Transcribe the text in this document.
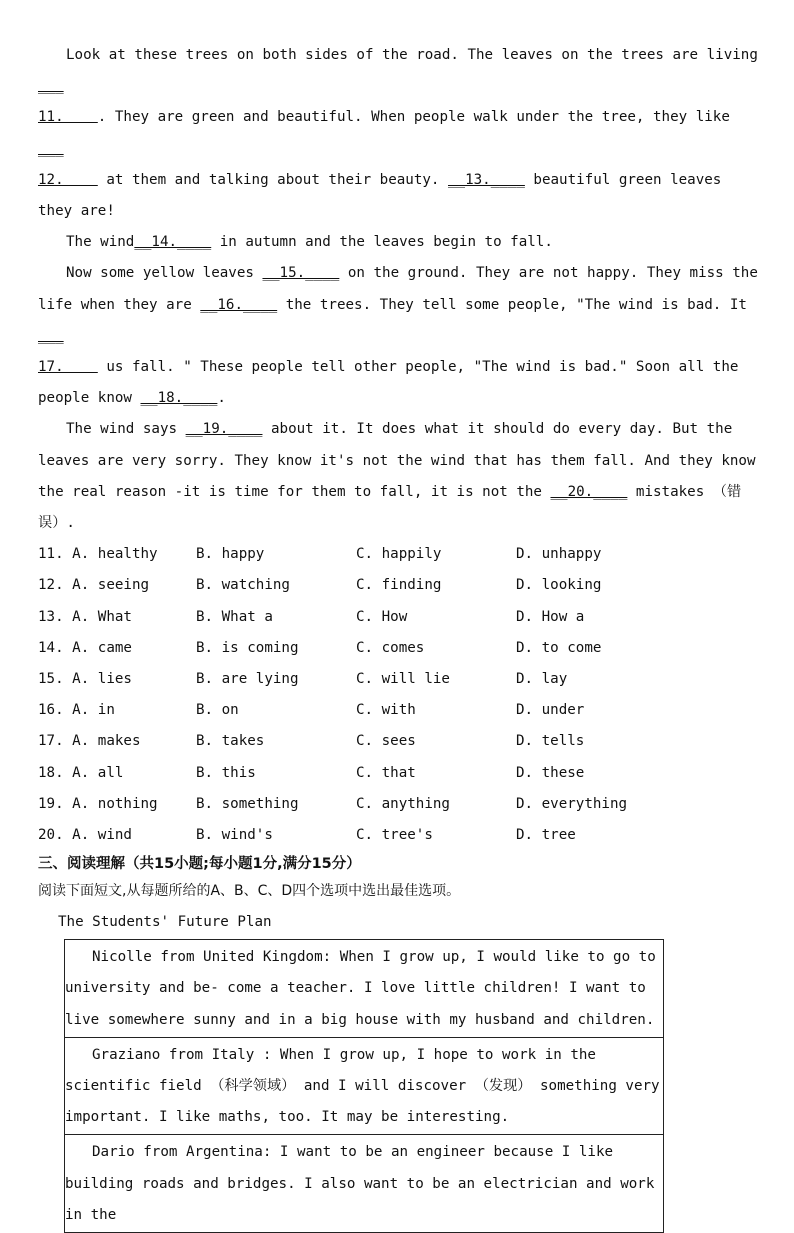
Look at these trees on both sides of the road. The leaves on the trees are living ___
11.    . They are green and beautiful. When people walk under the tree, they like ___
12.     at them and talking about their beauty. __13.____ beautiful green leaves they are!

The wind__14.____ in autumn and the leaves begin to fall.

Now some yellow leaves __15.____ on the ground. They are not happy. They miss the life when they are __16.____ the trees. They tell some people, "The wind is bad. It ___
17.     us fall. " These people tell other people, "The wind is bad." Soon all the people know __18.____.

The wind says __19.____ about it. It does what it should do every day. But the leaves are very sorry. They know it's not the wind that has them fall. And they know the real reason -it is time for them to fall, it is not the __20.____ mistakes （错误）.

11. A. healthy	B. happy	C. happily	D. unhappy
12. A. seeing	B. watching	C. finding	D. looking
13. A. What	B. What a	C. How	D. How a
14. A. came	B. is coming	C. comes	D. to come
15. A. lies	B. are lying	C. will lie	D. lay
16. A. in	B. on	C. with	D. under
17. A. makes	B. takes	C. sees	D. tells
18. A. all	B. this	C. that	D. these
19. A. nothing	B. something	C. anything	D. everything
20. A. wind	B. wind's	C. tree's	D. tree

三、阅读理解（共15小题;每小题1分,满分15分）

阅读下面短文,从每题所给的A、B、C、D四个选项中选出最佳选项。

The Students' Future Plan

Nicolle from United Kingdom: When I grow up, I would like to go to university and be- come a teacher. I love little children! I want to live somewhere sunny and in a big house with my husband and children.

Graziano from Italy : When I grow up, I hope to work in the scientific field （科学领域） and I will discover （发现） something very important. I like maths, too. It may be interesting.

Dario from Argentina: I want to be an engineer because I like building roads and bridges. I also want to be an electrician and work in the
